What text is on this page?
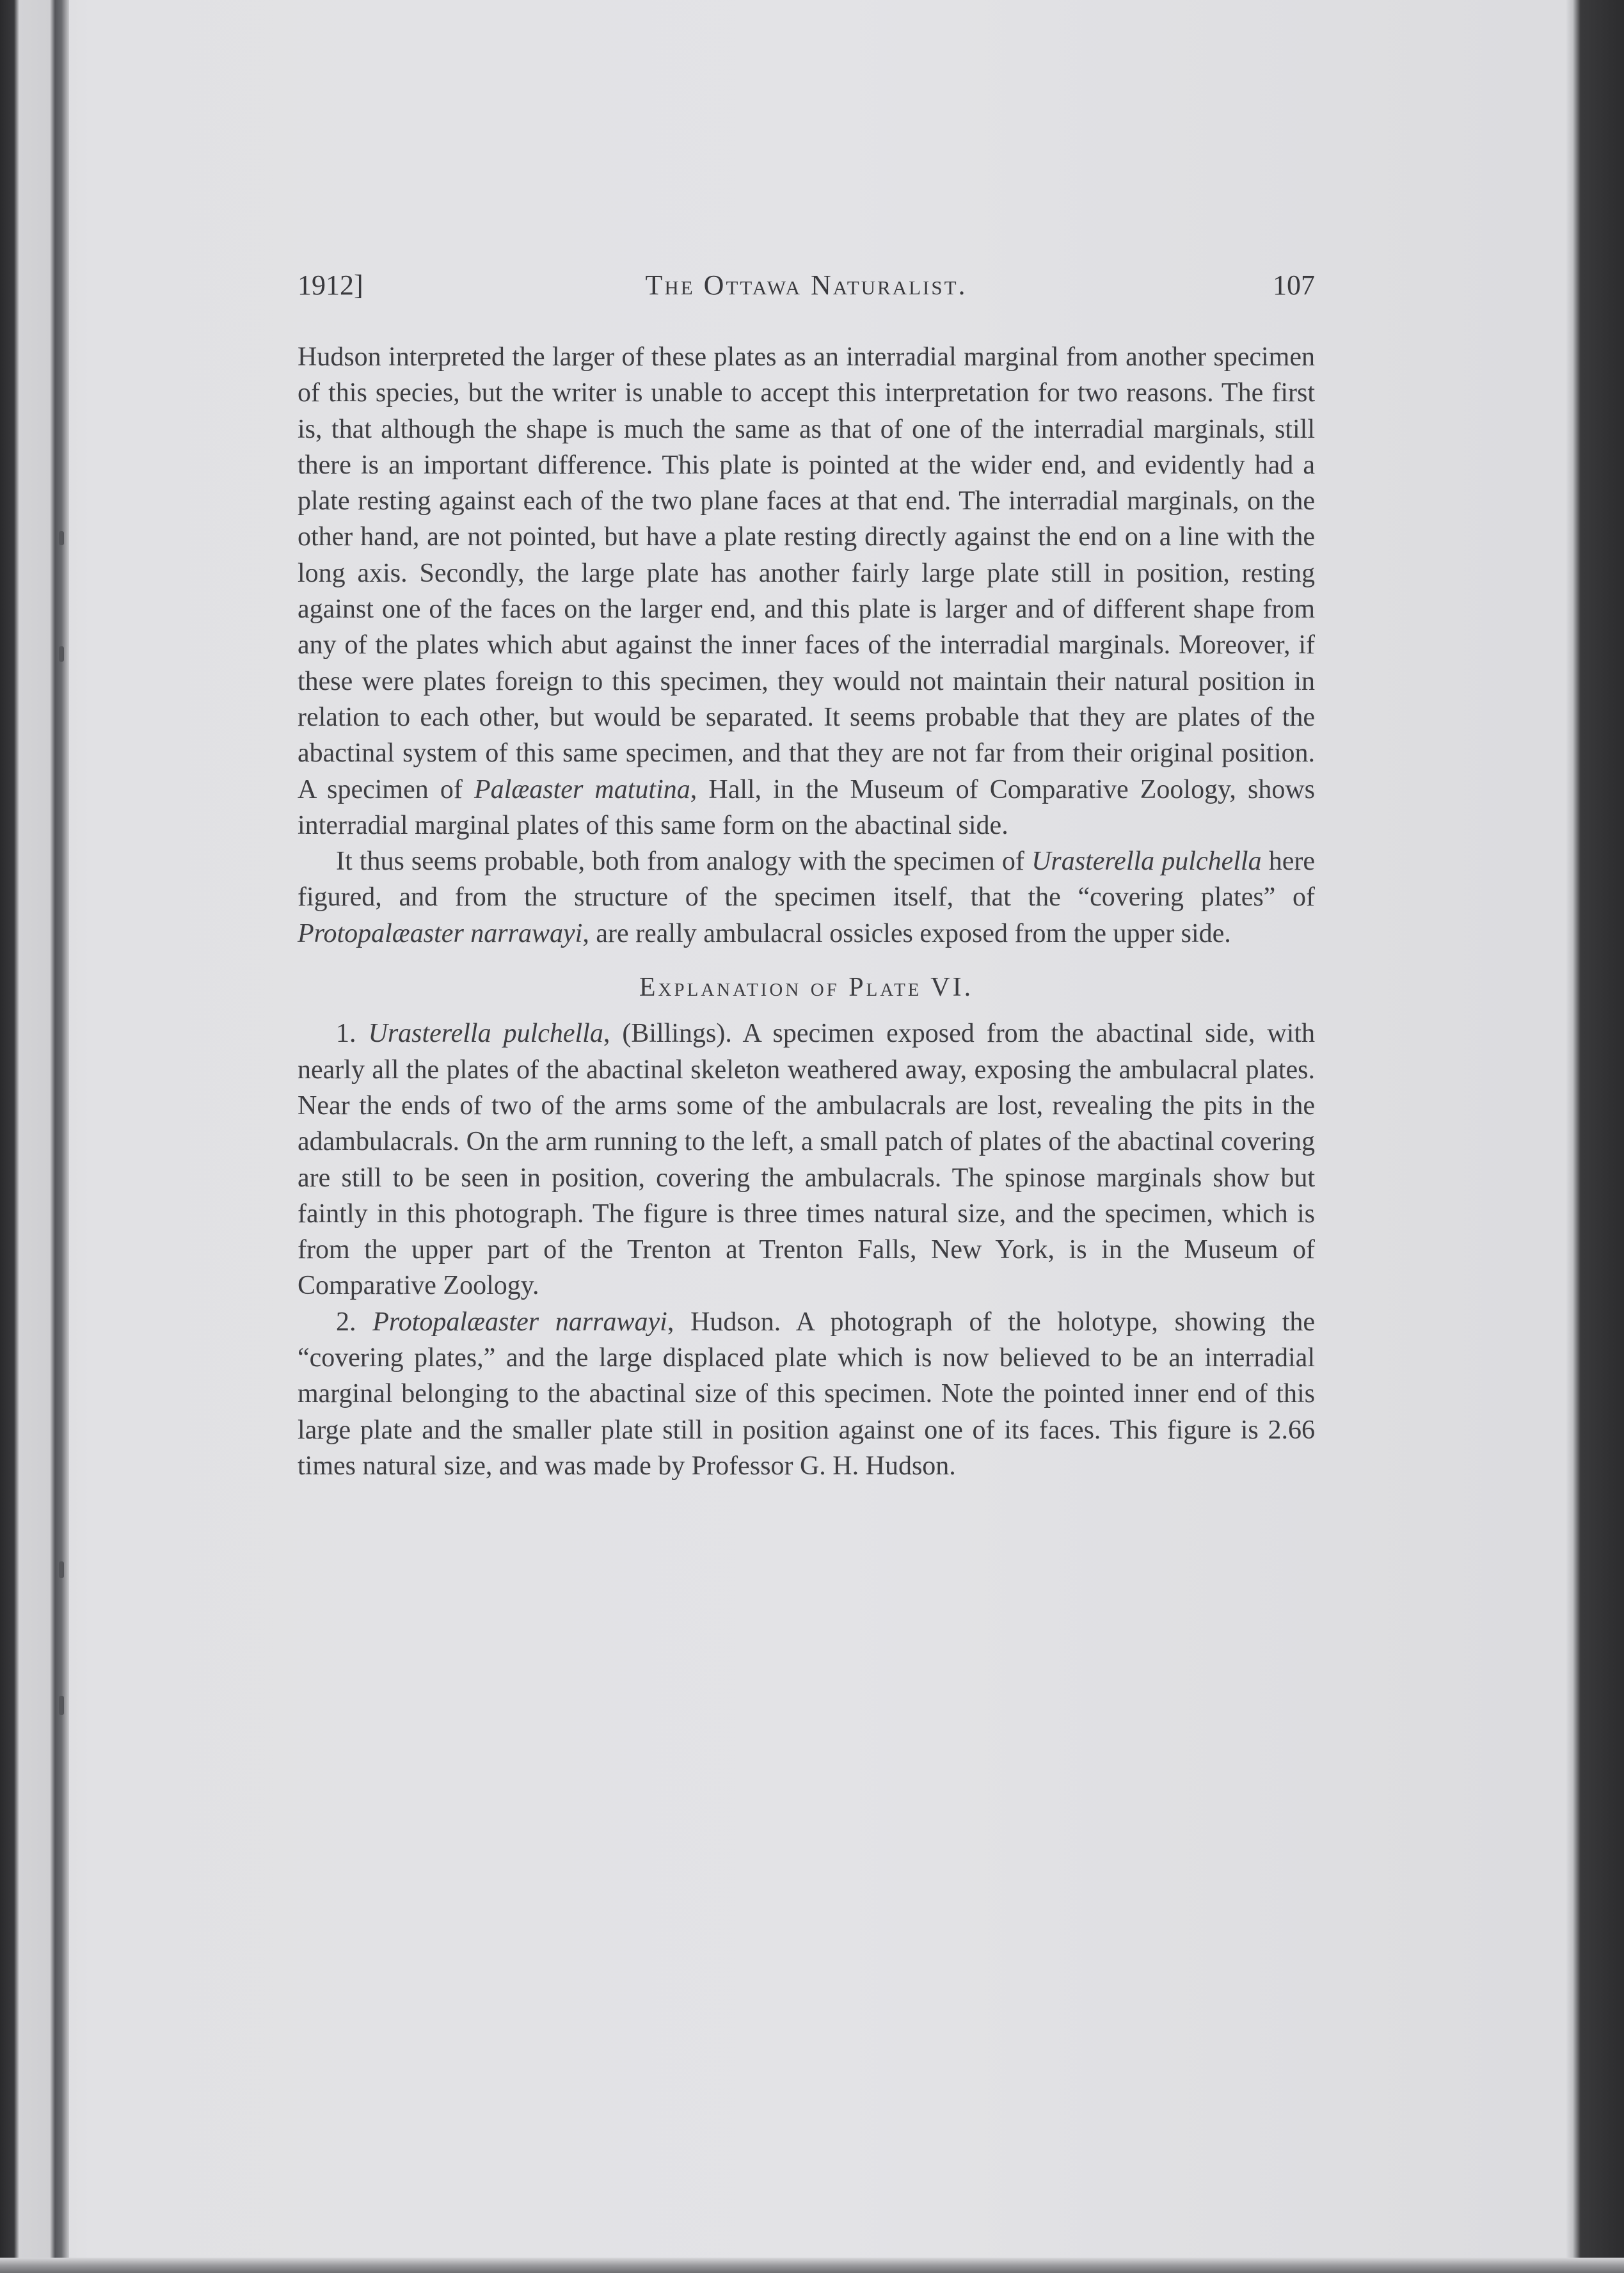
1912]	The Ottawa Naturalist.	107

Hudson interpreted the larger of these plates as an interradial marginal from another specimen of this species, but the writer is unable to accept this interpretation for two reasons. The first is, that although the shape is much the same as that of one of the interradial marginals, still there is an important difference. This plate is pointed at the wider end, and evidently had a plate resting against each of the two plane faces at that end. The interradial marginals, on the other hand, are not pointed, but have a plate resting directly against the end on a line with the long axis. Secondly, the large plate has another fairly large plate still in position, resting against one of the faces on the larger end, and this plate is larger and of different shape from any of the plates which abut against the inner faces of the interradial marginals. Moreover, if these were plates foreign to this specimen, they would not maintain their natural position in relation to each other, but would be separated. It seems probable that they are plates of the abactinal system of this same specimen, and that they are not far from their original position. A specimen of Palæaster matutina, Hall, in the Museum of Comparative Zoology, shows interradial marginal plates of this same form on the abactinal side.

It thus seems probable, both from analogy with the specimen of Urasterella pulchella here figured, and from the structure of the specimen itself, that the “covering plates” of Protopalæaster narrawayi, are really ambulacral ossicles exposed from the upper side.

Explanation of Plate VI.

1. Urasterella pulchella, (Billings). A specimen exposed from the abactinal side, with nearly all the plates of the abactinal skeleton weathered away, exposing the ambulacral plates. Near the ends of two of the arms some of the ambulacrals are lost, revealing the pits in the adambulacrals. On the arm running to the left, a small patch of plates of the abactinal covering are still to be seen in position, covering the ambulacrals. The spinose marginals show but faintly in this photograph. The figure is three times natural size, and the specimen, which is from the upper part of the Trenton at Trenton Falls, New York, is in the Museum of Comparative Zoology.

2. Protopalæaster narrawayi, Hudson. A photograph of the holotype, showing the “covering plates,” and the large displaced plate which is now believed to be an interradial marginal belonging to the abactinal size of this specimen. Note the pointed inner end of this large plate and the smaller plate still in position against one of its faces. This figure is 2.66 times natural size, and was made by Professor G. H. Hudson.
